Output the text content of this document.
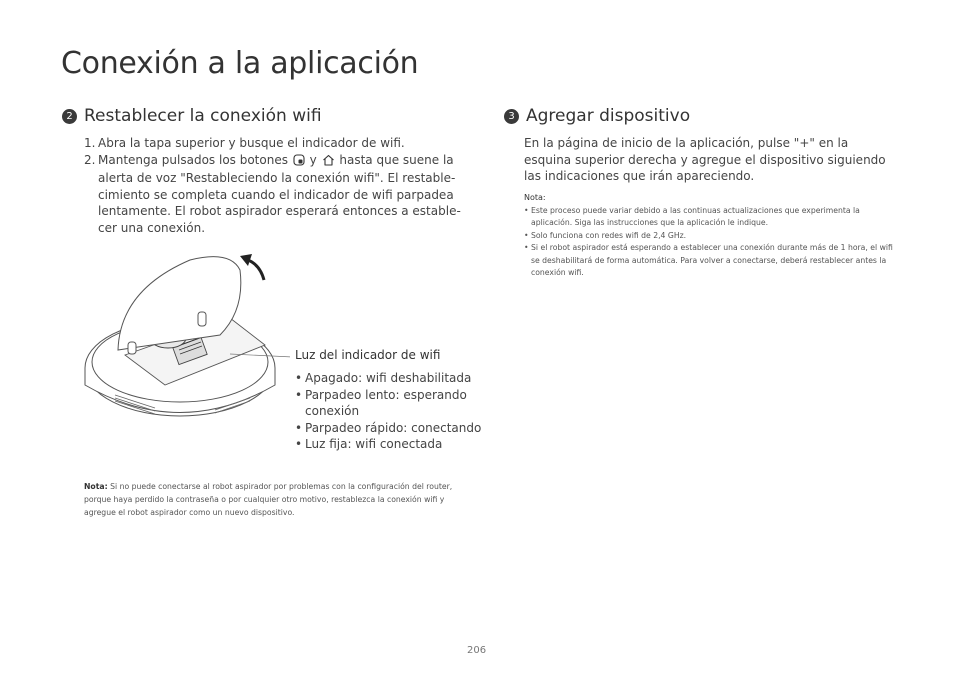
Conexión a la aplicación
2 Restablecer la conexión wifi
1. Abra la tapa superior y busque el indicador de wifi.
2. Mantenga pulsados los botones y hasta que suene la
alerta de voz "Restableciendo la conexión wifi". El restable-
cimiento se completa cuando el indicador de wifi parpadea
lentamente. El robot aspirador esperará entonces a estable-
cer una conexión.
Luz del indicador de wifi
• Apagado: wifi deshabilitada
• Parpadeo lento: esperando conexión
• Parpadeo rápido: conectando
• Luz fija: wifi conectada
Nota: Si no puede conectarse al robot aspirador por problemas con la configuración del router, porque haya perdido la contraseña o por cualquier otro motivo, restablezca la conexión wifi y agregue el robot aspirador como un nuevo dispositivo.
3 Agregar dispositivo
En la página de inicio de la aplicación, pulse "+" en la esquina superior derecha y agregue el dispositivo siguiendo las indicaciones que irán apareciendo.
Nota:
• Este proceso puede variar debido a las continuas actualizaciones que experimenta la aplicación. Siga las instrucciones que la aplicación le indique.
• Solo funciona con redes wifi de 2,4 GHz.
• Si el robot aspirador está esperando a establecer una conexión durante más de 1 hora, el wifi se deshabilitará de forma automática. Para volver a conectarse, deberá restablecer antes la conexión wifi.
206
